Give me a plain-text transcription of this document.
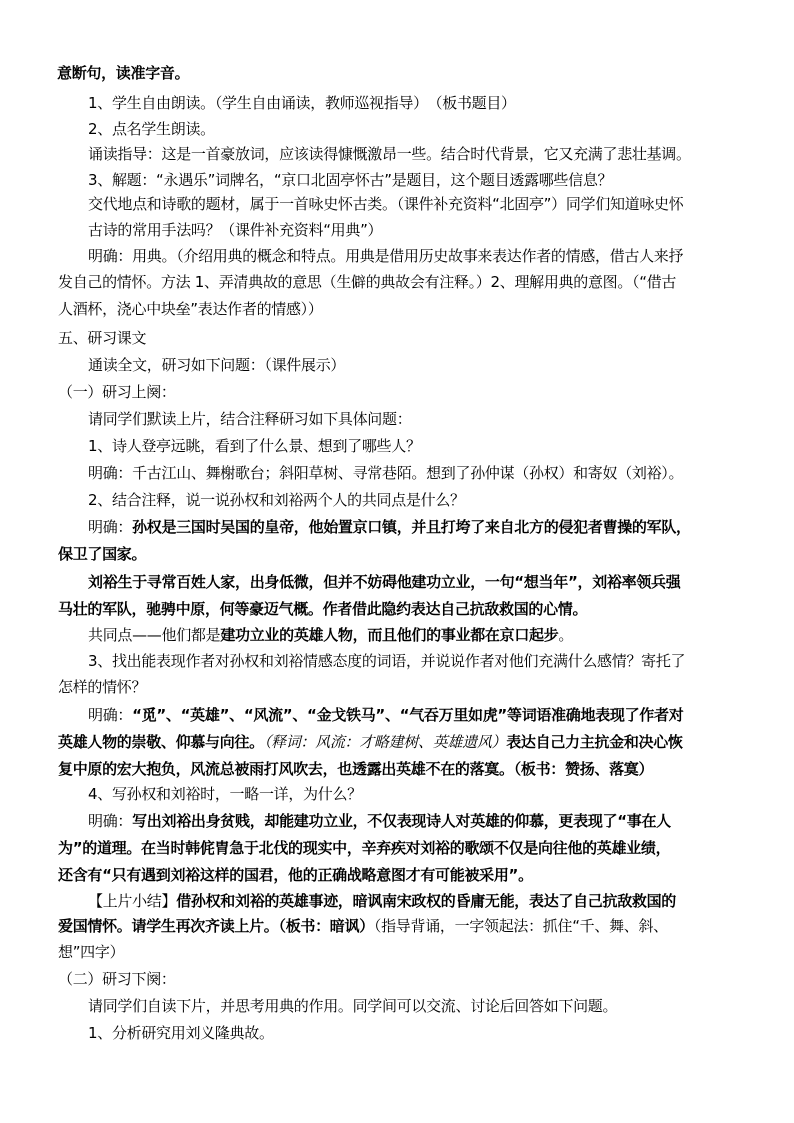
意断句，读准字音。

1、学生自由朗读。（学生自由诵读，教师巡视指导）　（板书题目）

2、点名学生朗读。

诵读指导：这是一首豪放词，应该读得慷慨激昂一些。结合时代背景，它又充满了悲壮基调。

3、解题：“永遇乐”词牌名，“京口北固亭怀古”是题目，这个题目透露哪些信息？

交代地点和诗歌的题材，属于一首咏史怀古类。（课件补充资料“北固亭”）同学们知道咏史怀

古诗的常用手法吗？（课件补充资料“用典”）

明确：用典。（介绍用典的概念和特点。用典是借用历史故事来表达作者的情感，借古人来抒

发自己的情怀。方法 1、弄清典故的意思（生僻的典故会有注释。）2、理解用典的意图。（“借古

人酒杯，浇心中块垒”表达作者的情感））

五、研习课文

通读全文，研习如下问题：（课件展示）

（一）研习上阕：

请同学们默读上片，结合注释研习如下具体问题：

1、诗人登亭远眺，看到了什么景、想到了哪些人？

明确：千古江山、舞榭歌台；斜阳草树、寻常巷陌。想到了孙仲谋（孙权）和寄奴（刘裕）。

2、结合注释，说一说孙权和刘裕两个人的共同点是什么？

明确：孙权是三国时吴国的皇帝，他始置京口镇，并且打垮了来自北方的侵犯者曹操的军队，

保卫了国家。

刘裕生于寻常百姓人家，出身低微，但并不妨碍他建功立业，一句“想当年”，刘裕率领兵强

马壮的军队，驰骋中原，何等豪迈气概。作者借此隐约表达自己抗敌救国的心情。

共同点——他们都是建功立业的英雄人物，而且他们的事业都在京口起步。

3、找出能表现作者对孙权和刘裕情感态度的词语，并说说作者对他们充满什么感情？寄托了

怎样的情怀？

明确：“觅”、“英雄”、“风流”、“金戈铁马”、“气吞万里如虎”等词语准确地表现了作者对

英雄人物的崇敬、仰慕与向往。（释词：风流：才略建树、英雄遗风）表达自己力主抗金和决心恢

复中原的宏大抱负，风流总被雨打风吹去，也透露出英雄不在的落寞。（板书：赞扬、落寞）

4、写孙权和刘裕时，一略一详，为什么？

明确：写出刘裕出身贫贱，却能建功立业，不仅表现诗人对英雄的仰慕，更表现了“事在人

为”的道理。在当时韩侂胄急于北伐的现实中，辛弃疾对刘裕的歌颂不仅是向往他的英雄业绩，

还含有“只有遇到刘裕这样的国君，他的正确战略意图才有可能被采用”。

【上片小结】借孙权和刘裕的英雄事迹，暗讽南宋政权的昏庸无能，表达了自己抗敌救国的

爱国情怀。请学生再次齐读上片。（板书：暗讽）（指导背诵，一字领起法：抓住“千、舞、斜、

想”四字）

（二）研习下阕：

请同学们自读下片，并思考用典的作用。同学间可以交流、讨论后回答如下问题。

1、分析研究用刘义隆典故。
